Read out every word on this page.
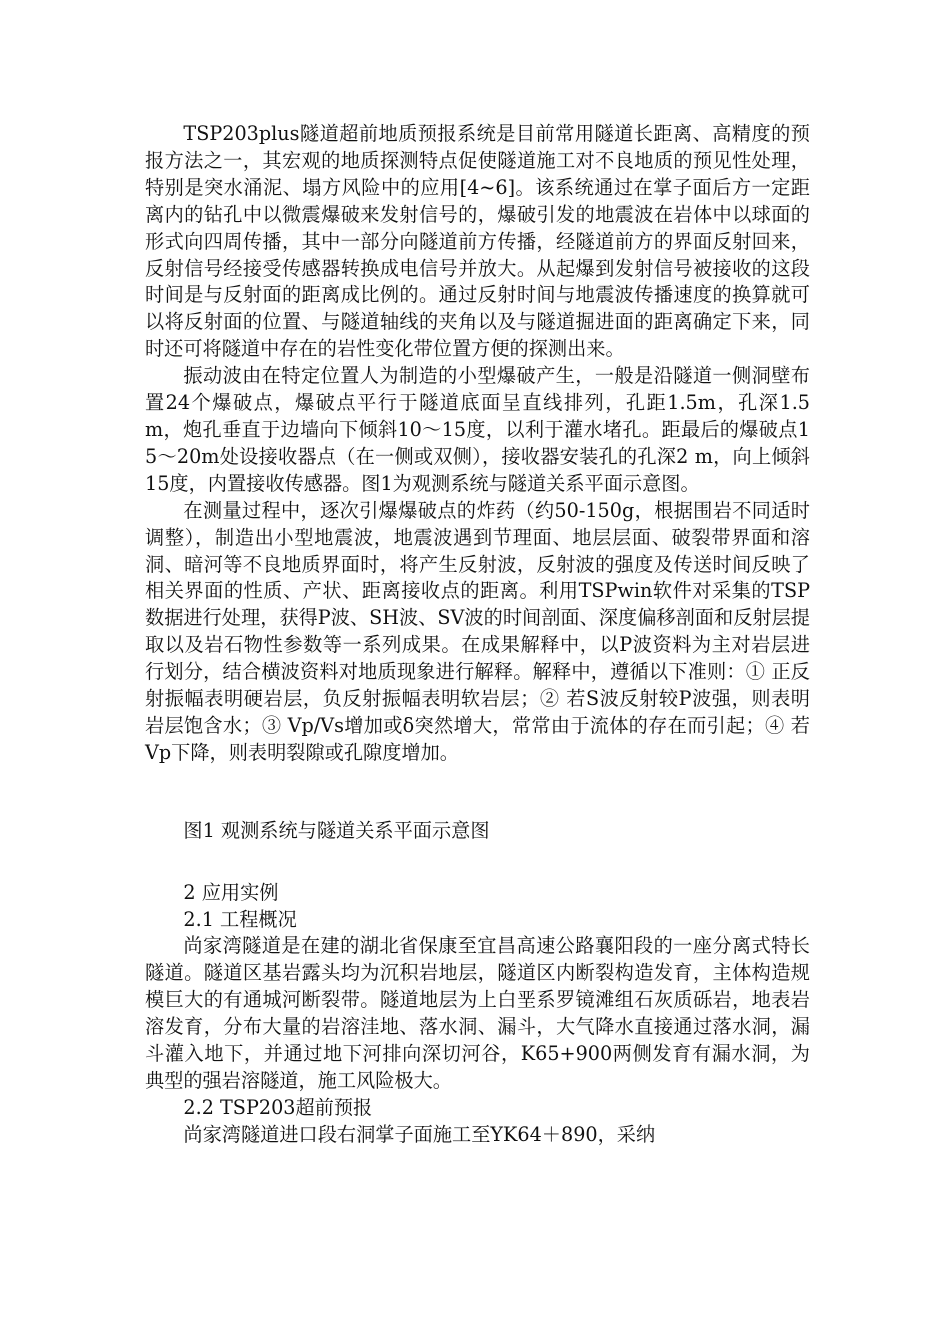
TSP203plus隧道超前地质预报系统是目前常用隧道长距离、高精度的预报方法之一，其宏观的地质探测特点促使隧道施工对不良地质的预见性处理，特别是突水涌泥、塌方风险中的应用[4~6]。该系统通过在掌子面后方一定距离内的钻孔中以微震爆破来发射信号的，爆破引发的地震波在岩体中以球面的形式向四周传播，其中一部分向隧道前方传播，经隧道前方的界面反射回来，反射信号经接受传感器转换成电信号并放大。从起爆到发射信号被接收的这段时间是与反射面的距离成比例的。通过反射时间与地震波传播速度的换算就可以将反射面的位置、与隧道轴线的夹角以及与隧道掘进面的距离确定下来，同时还可将隧道中存在的岩性变化带位置方便的探测出来。

振动波由在特定位置人为制造的小型爆破产生，一般是沿隧道一侧洞壁布置24个爆破点，爆破点平行于隧道底面呈直线排列，孔距1.5m，孔深1.5 m，炮孔垂直于边墙向下倾斜10～15度，以利于灌水堵孔。距最后的爆破点15～20m处设接收器点（在一侧或双侧），接收器安装孔的孔深2 m，向上倾斜15度，内置接收传感器。图1为观测系统与隧道关系平面示意图。

在测量过程中，逐次引爆爆破点的炸药（约50-150g，根据围岩不同适时调整），制造出小型地震波，地震波遇到节理面、地层层面、破裂带界面和溶洞、暗河等不良地质界面时，将产生反射波，反射波的强度及传送时间反映了相关界面的性质、产状、距离接收点的距离。利用TSPwin软件对采集的TSP数据进行处理，获得P波、SH波、SV波的时间剖面、深度偏移剖面和反射层提取以及岩石物性参数等一系列成果。在成果解释中，以P波资料为主对岩层进行划分，结合横波资料对地质现象进行解释。解释中，遵循以下准则：① 正反射振幅表明硬岩层，负反射振幅表明软岩层；② 若S波反射较P波强，则表明岩层饱含水；③ Vp/Vs增加或δ突然增大，常常由于流体的存在而引起；④ 若Vp下降，则表明裂隙或孔隙度增加。

图1 观测系统与隧道关系平面示意图

2 应用实例

2.1 工程概况

尚家湾隧道是在建的湖北省保康至宜昌高速公路襄阳段的一座分离式特长隧道。隧道区基岩露头均为沉积岩地层，隧道区内断裂构造发育，主体构造规模巨大的有通城河断裂带。隧道地层为上白垩系罗镜滩组石灰质砾岩，地表岩溶发育，分布大量的岩溶洼地、落水洞、漏斗，大气降水直接通过落水洞，漏斗灌入地下，并通过地下河排向深切河谷，K65+900两侧发育有漏水洞，为典型的强岩溶隧道，施工风险极大。

2.2 TSP203超前预报

尚家湾隧道进口段右洞掌子面施工至YK64＋890，采纳
